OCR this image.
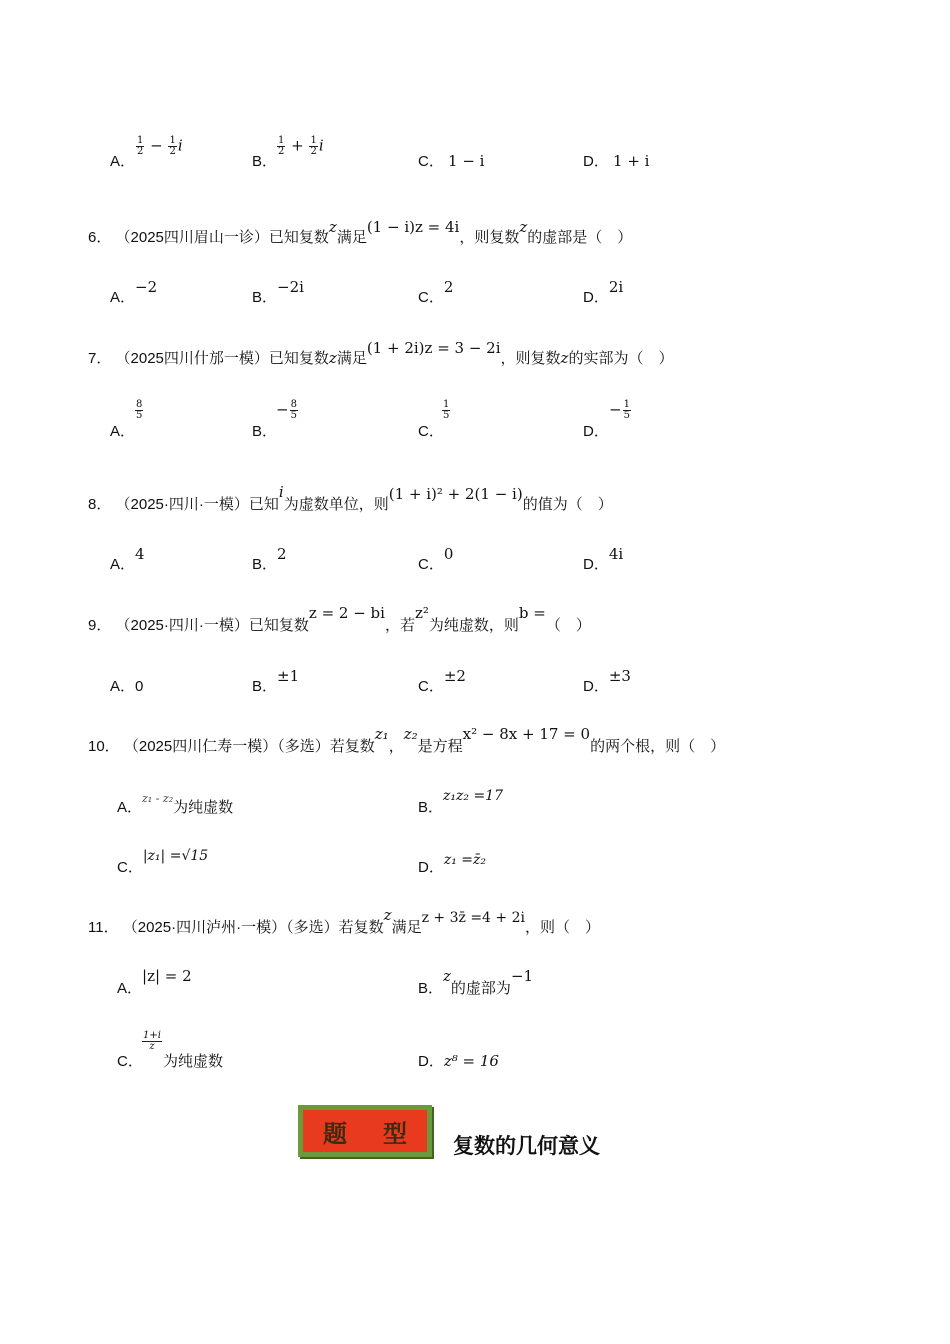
A．
$\frac{1}{2} - \frac{1}{2}$ i
B．
$\frac{1}{2} + \frac{1}{2}$ i
C． 1 − i	D． 1 + i
6． （2025四川眉山一诊）已知复数z满足(1 − i)z = 4i，则复数z的虚部是（　）
A．−2
B．−2i
C．2
D．2i
7． （2025四川什邡一模）已知复数z满足(1 + 2i)z = 3 − 2i，则复数z的实部为（　）
A．
$\frac{8}{5}$
B．
− $\frac{8}{5}$
C．
$\frac{1}{5}$
D．
− $\frac{1}{5}$
8． （2025·四川·一模）已知i为虚数单位，则(1 + i)² + 2(1 − i)的值为（　）
A．4
B．2
C．0
D．4i
9． （2025·四川·一模）已知复数z = 2 − bi，若z²为纯虚数，则b =（　）
A．0	B．±1
C．±2
D．±3
10． （2025四川仁寿一模）（多选）若复数z₁，z₂是方程x² − 8x + 17 = 0的两个根，则（　）
A．$^{z_1 - z_2}$为纯虚数	B．z₁z₂ =17
C．|z₁| =√15
D．z₁ =z̄₂
11． （2025·四川泸州·一模）（多选）若复数z满足z + 3z̄ =4 + 2i，则（　）
A．|z| = 2
B．z的虚部为−1
C．
$\frac{1+i}{z}$
为纯虚数	D．z⁸ = 16
题 型 复数的几何意义
